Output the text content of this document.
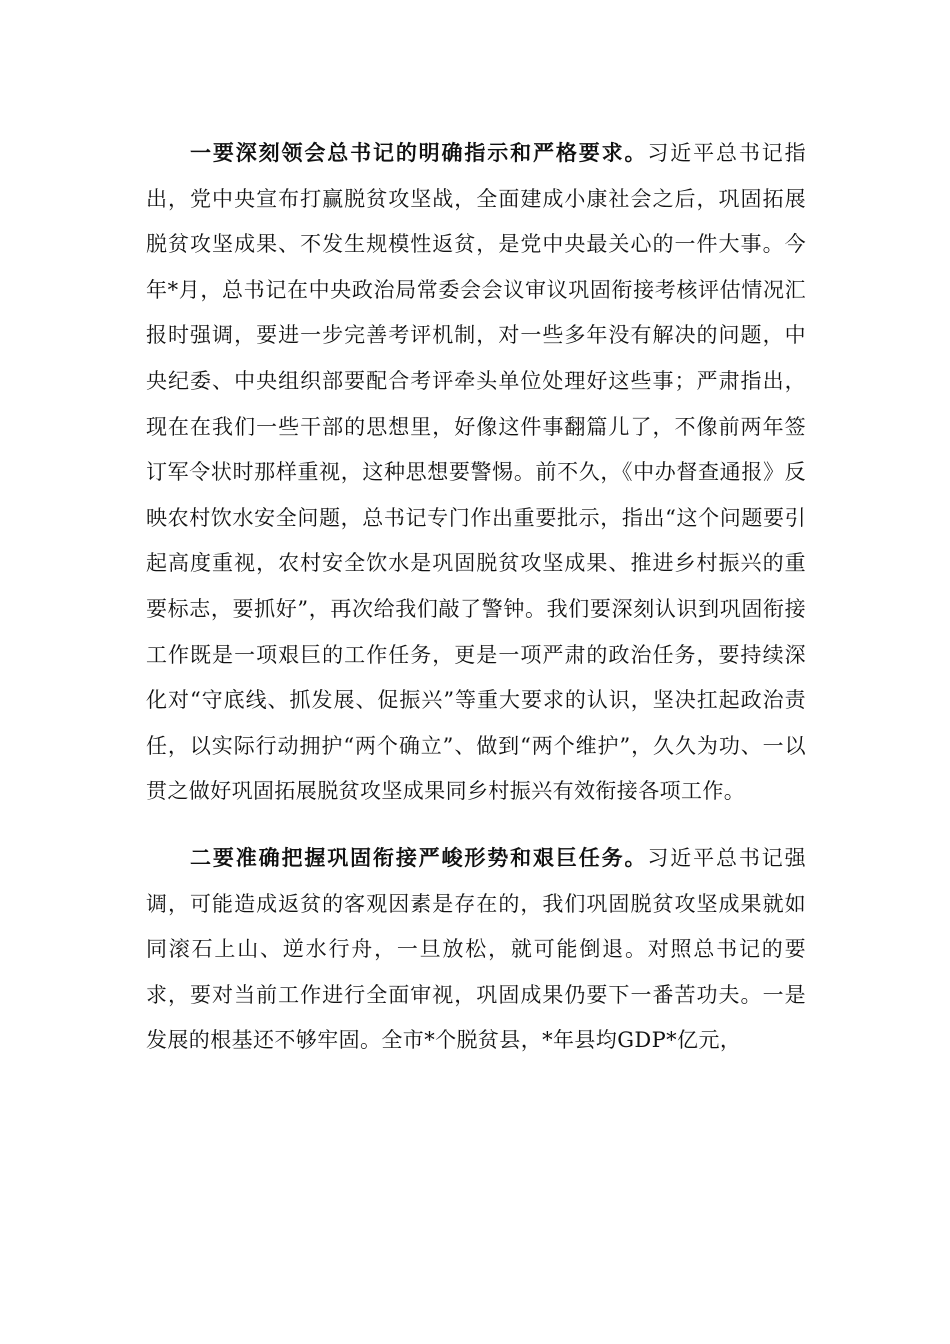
一要深刻领会总书记的明确指示和严格要求。习近平总书记指出，党中央宣布打赢脱贫攻坚战，全面建成小康社会之后，巩固拓展脱贫攻坚成果、不发生规模性返贫，是党中央最关心的一件大事。今年*月，总书记在中央政治局常委会会议审议巩固衔接考核评估情况汇报时强调，要进一步完善考评机制，对一些多年没有解决的问题，中央纪委、中央组织部要配合考评牵头单位处理好这些事；严肃指出，现在在我们一些干部的思想里，好像这件事翻篇儿了，不像前两年签订军令状时那样重视，这种思想要警惕。前不久，《中办督查通报》反映农村饮水安全问题，总书记专门作出重要批示，指出“这个问题要引起高度重视，农村安全饮水是巩固脱贫攻坚成果、推进乡村振兴的重要标志，要抓好”，再次给我们敲了警钟。我们要深刻认识到巩固衔接工作既是一项艰巨的工作任务，更是一项严肃的政治任务，要持续深化对“守底线、抓发展、促振兴”等重大要求的认识，坚决扛起政治责任，以实际行动拥护“两个确立”、做到“两个维护”，久久为功、一以贯之做好巩固拓展脱贫攻坚成果同乡村振兴有效衔接各项工作。

二要准确把握巩固衔接严峻形势和艰巨任务。习近平总书记强调，可能造成返贫的客观因素是存在的，我们巩固脱贫攻坚成果就如同滚石上山、逆水行舟，一旦放松，就可能倒退。对照总书记的要求，要对当前工作进行全面审视，巩固成果仍要下一番苦功夫。一是发展的根基还不够牢固。全市*个脱贫县，*年县均GDP*亿元，
